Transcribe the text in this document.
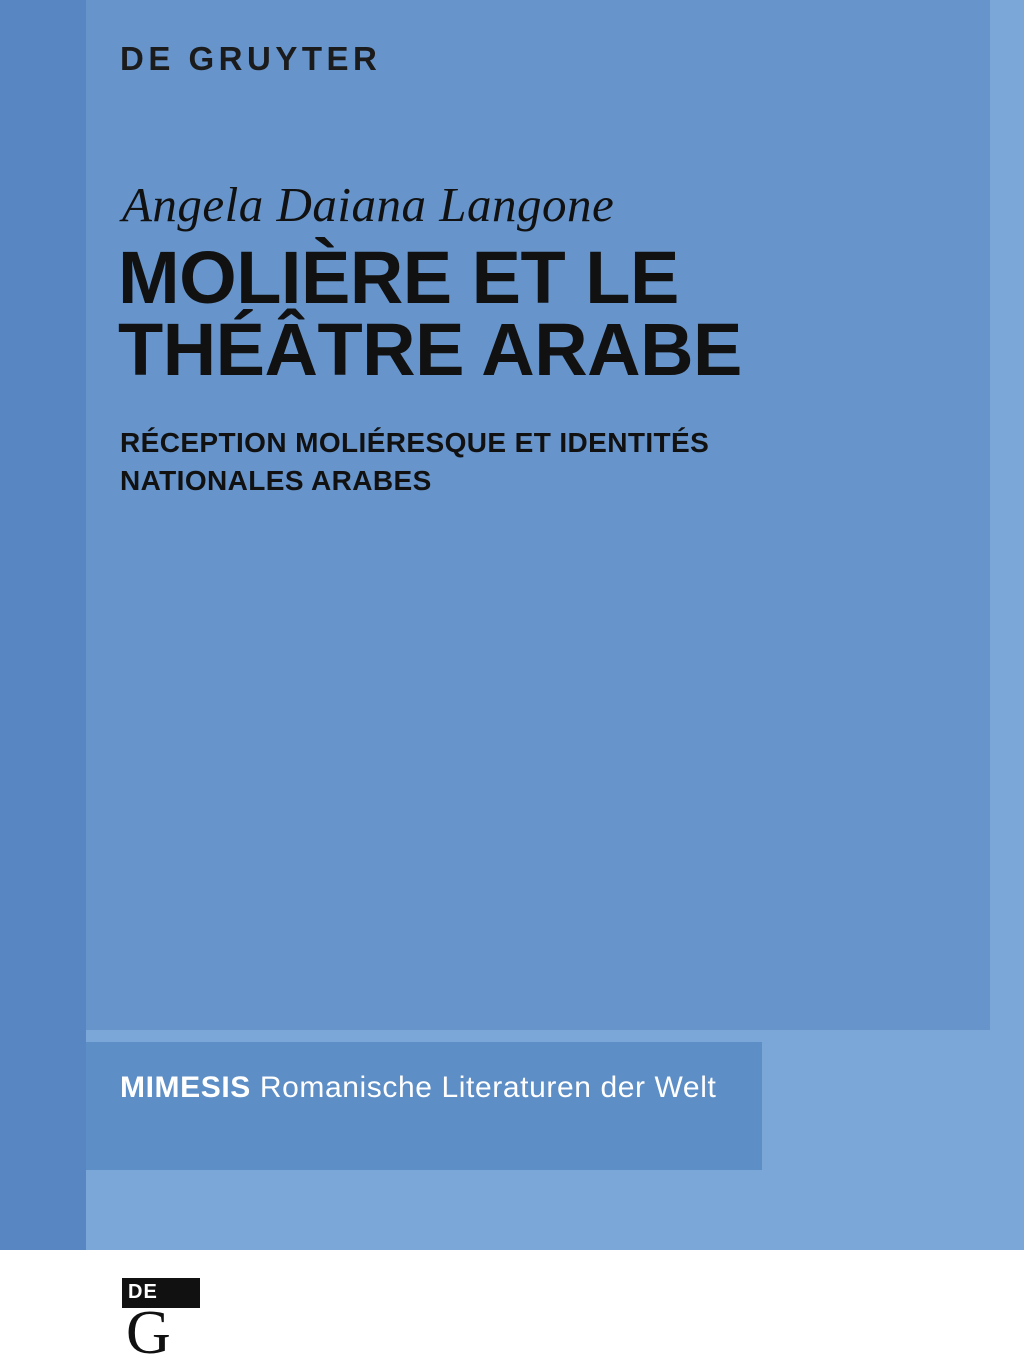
DE GRUYTER
Angela Daiana Langone
MOLIÈRE ET LE THÉÂTRE ARABE
RÉCEPTION MOLIÉRESQUE ET IDENTITÉS NATIONALES ARABES
MIMESIS Romanische Literaturen der Welt
DE
G
